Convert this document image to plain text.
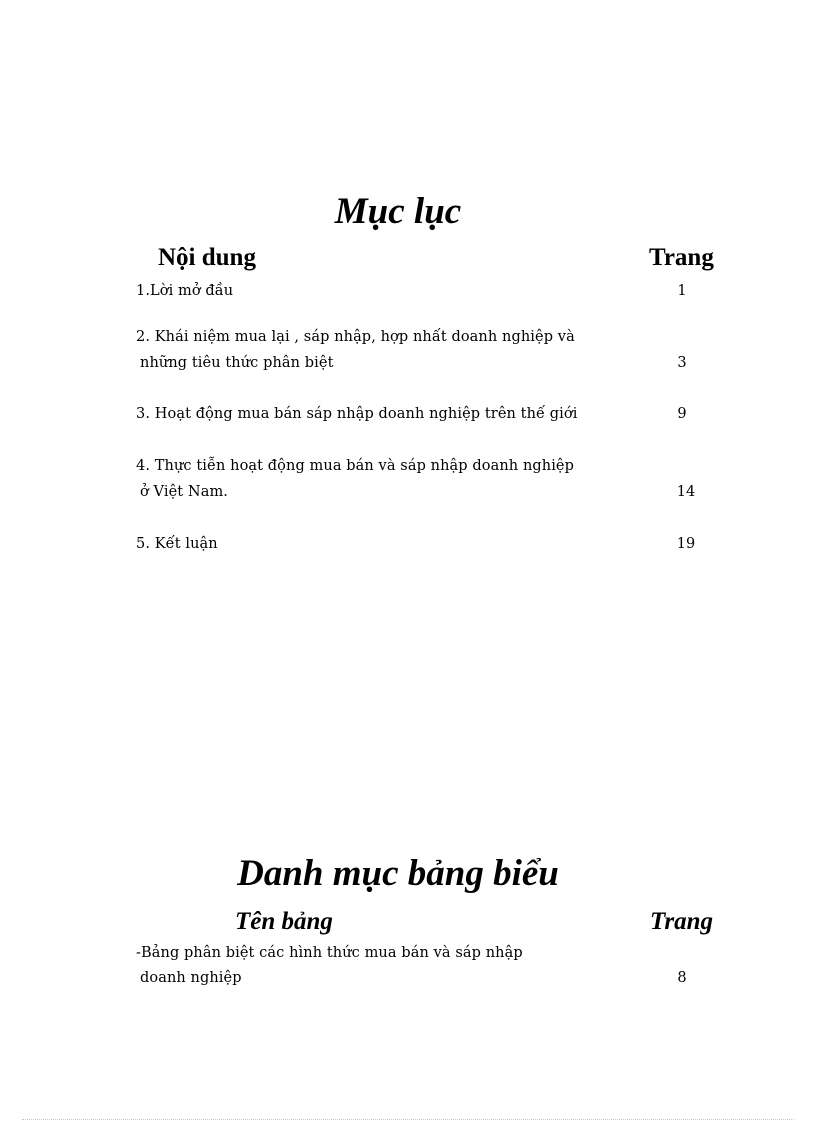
Mục lục
Nội dung	Trang
1.Lời mở đầu	1
2. Khái niệm mua lại , sáp nhập, hợp nhất doanh nghiệp và
những tiêu thức phân biệt	3
3. Hoạt động mua bán sáp nhập doanh nghiệp trên thế giới	9
4. Thực tiễn hoạt động mua bán và sáp nhập doanh nghiệp
ở Việt Nam.	14
5. Kết luận	19
Danh mục bảng biểu
Tên bảng	Trang
-Bảng phân biệt các hình thức mua bán và sáp nhập
doanh nghiệp	8
